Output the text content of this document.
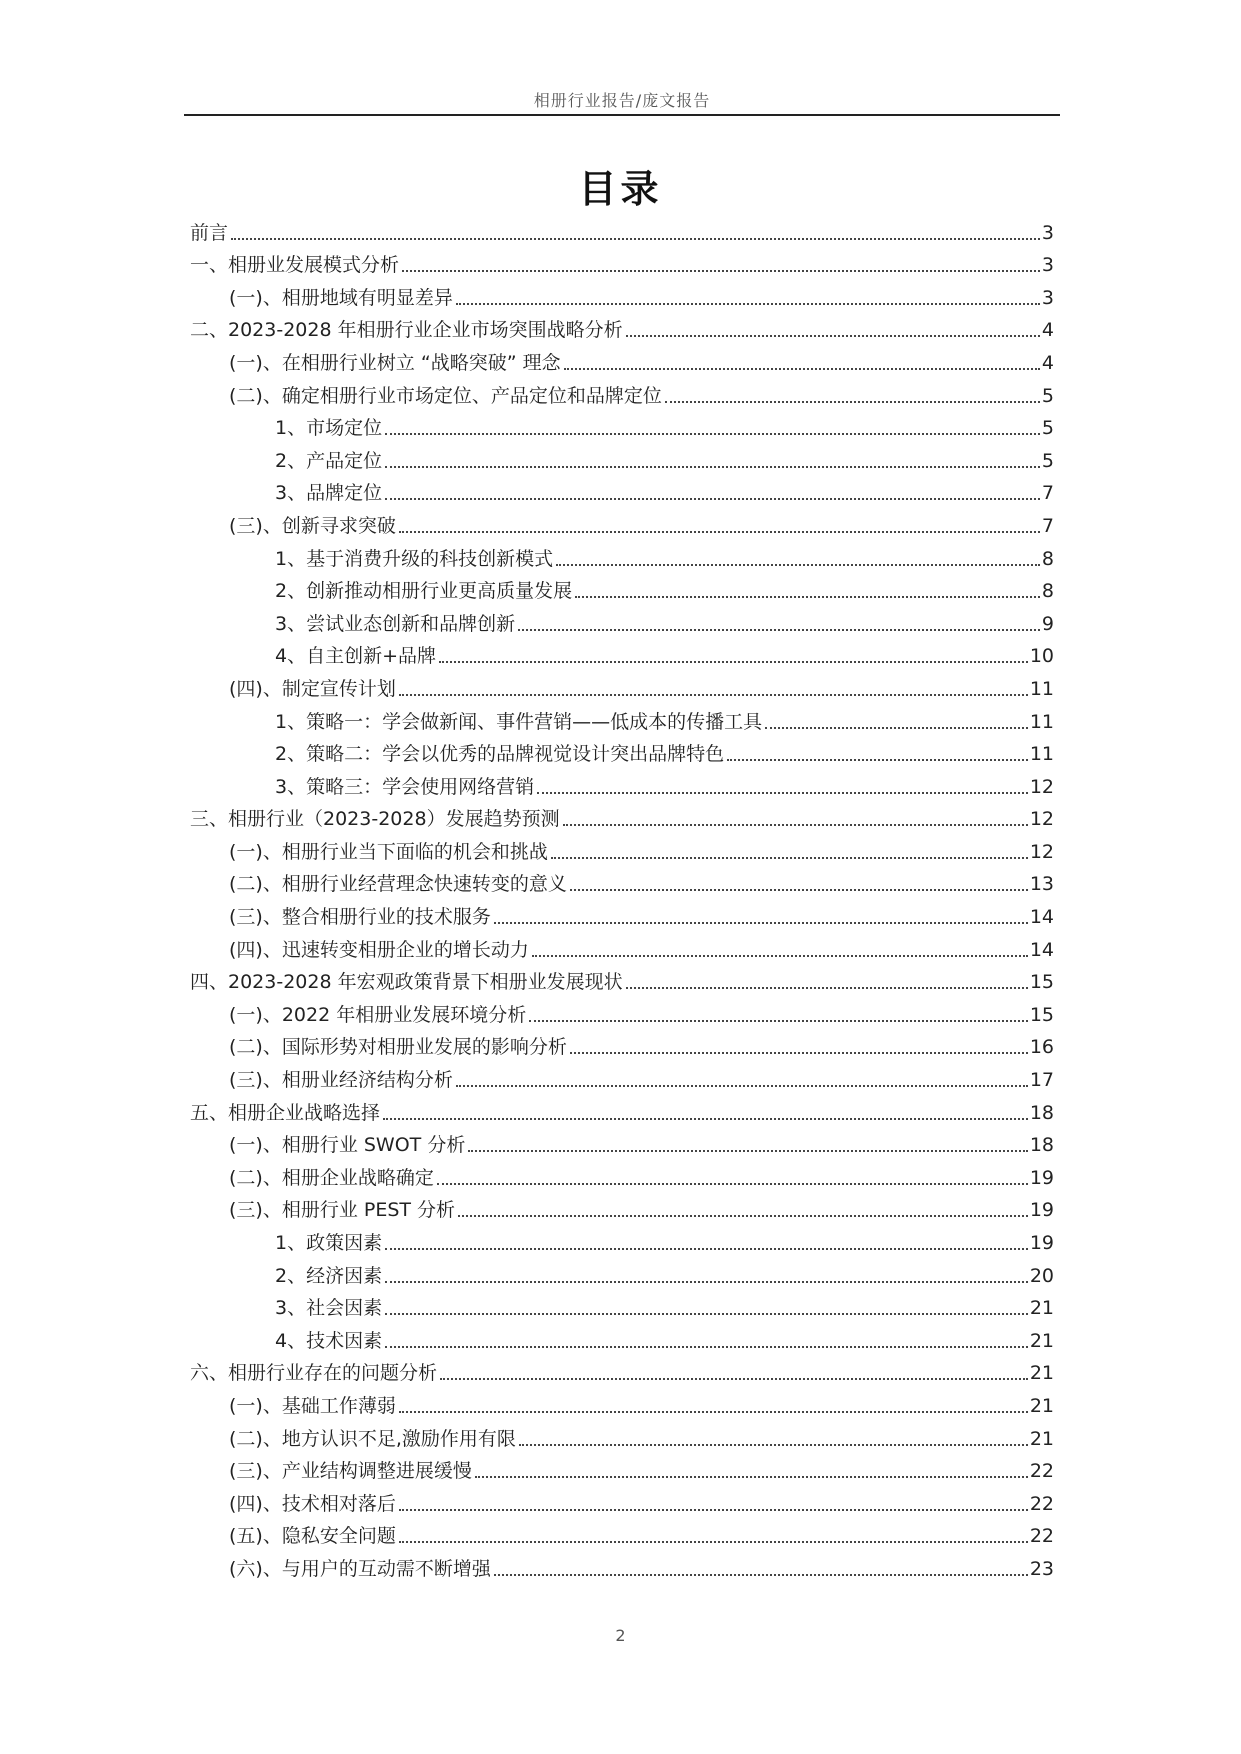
相册行业报告/庞文报告
目录
前言	3
一、相册业发展模式分析	3
(一)、相册地域有明显差异	3
二、2023-2028 年相册行业企业市场突围战略分析	4
(一)、在相册行业树立 “战略突破” 理念	4
(二)、确定相册行业市场定位、产品定位和品牌定位	5
1、市场定位	5
2、产品定位	5
3、品牌定位	7
(三)、创新寻求突破	7
1、基于消费升级的科技创新模式	8
2、创新推动相册行业更高质量发展	8
3、尝试业态创新和品牌创新	9
4、自主创新+品牌	10
(四)、制定宣传计划	11
1、策略一：学会做新闻、事件营销——低成本的传播工具	11
2、策略二：学会以优秀的品牌视觉设计突出品牌特色	11
3、策略三：学会使用网络营销	12
三、相册行业（2023-2028）发展趋势预测	12
(一)、相册行业当下面临的机会和挑战	12
(二)、相册行业经营理念快速转变的意义	13
(三)、整合相册行业的技术服务	14
(四)、迅速转变相册企业的增长动力	14
四、2023-2028 年宏观政策背景下相册业发展现状	15
(一)、2022 年相册业发展环境分析	15
(二)、国际形势对相册业发展的影响分析	16
(三)、相册业经济结构分析	17
五、相册企业战略选择	18
(一)、相册行业 SWOT 分析	18
(二)、相册企业战略确定	19
(三)、相册行业 PEST 分析	19
1、政策因素	19
2、经济因素	20
3、社会因素	21
4、技术因素	21
六、相册行业存在的问题分析	21
(一)、基础工作薄弱	21
(二)、地方认识不足,激励作用有限	21
(三)、产业结构调整进展缓慢	22
(四)、技术相对落后	22
(五)、隐私安全问题	22
(六)、与用户的互动需不断增强	23
2
